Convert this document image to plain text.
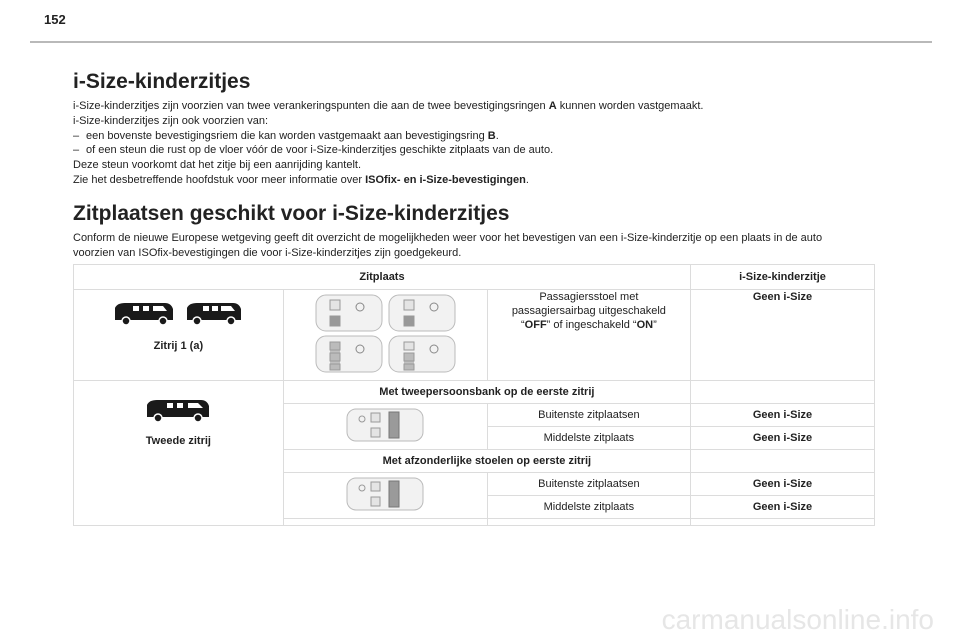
152
i-Size-kinderzitjes

i-Size-kinderzitjes zijn voorzien van twee verankeringspunten die aan de twee bevestigingsringen A kunnen worden vastgemaakt.

i-Size-kinderzitjes zijn ook voorzien van:

– een bovenste bevestigingsriem die kan worden vastgemaakt aan bevestigingsring B.

– of een steun die rust op de vloer vóór de voor i-Size-kinderzitjes geschikte zitplaats van de auto.

Deze steun voorkomt dat het zitje bij een aanrijding kantelt.

Zie het desbetreffende hoofdstuk voor meer informatie over ISOfix- en i-Size-bevestigingen.

Zitplaatsen geschikt voor i-Size-kinderzitjes

Conform de nieuwe Europese wetgeving geeft dit overzicht de mogelijkheden weer voor het bevestigen van een i-Size-kinderzitje op een plaats in de auto

voorzien van ISOfix-bevestigingen die voor i-Size-kinderzitjes zijn goedgekeurd.

Zitplaats			i-Size-kinderzitje

Zitrij 1 (a)		Passagiersstoel met
passagiersairbag uitgeschakeld
“OFF” of ingeschakeld “ON”	Geen i-Size

Tweede zitrij	Met tweepersoonsbank op de eerste zitrij		
	Buitenste zitplaatsen	Geen i-Size
		Middelste zitplaats	Geen i-Size
	Met afzonderlijke stoelen op eerste zitrij		
	Buitenste zitplaatsen	Geen i-Size
		Middelste zitplaats	Geen i-Size

carmanualsonline.info
